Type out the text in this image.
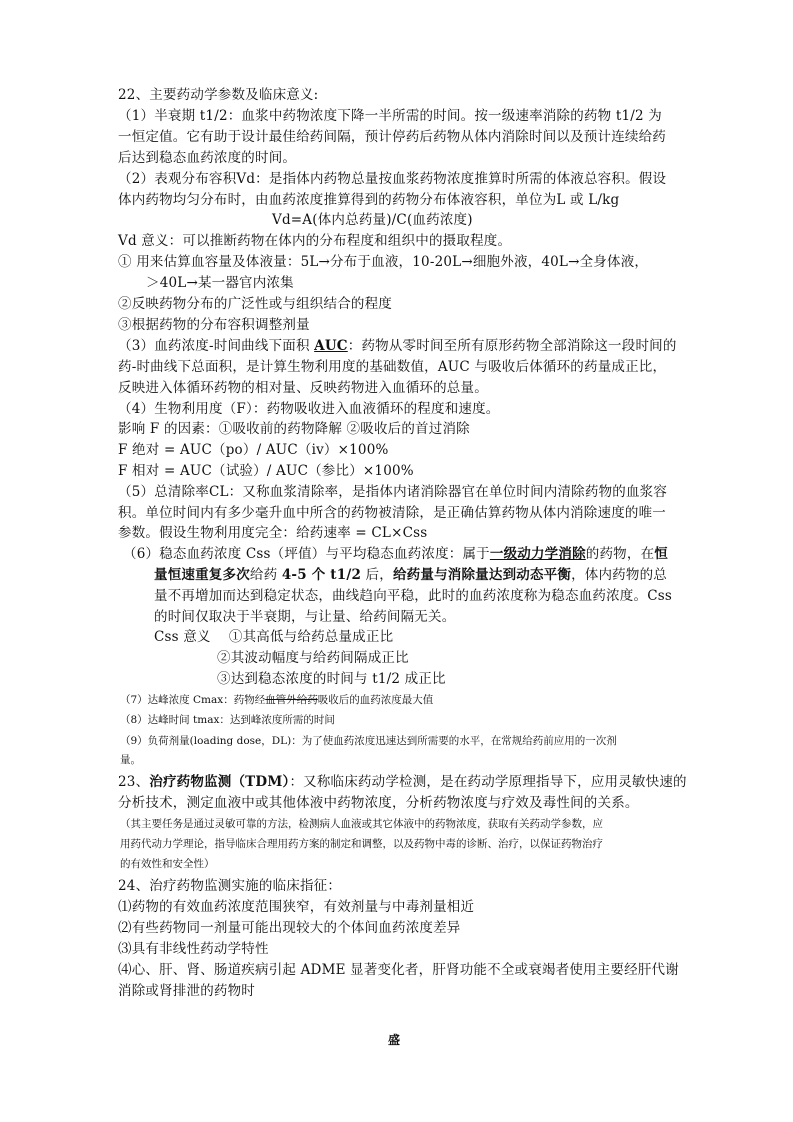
22、主要药动学参数及临床意义:
（1）半衰期 t1/2：血浆中药物浓度下降一半所需的时间。按一级速率消除的药物 t1/2 为
一恒定值。它有助于设计最佳给药间隔，预计停药后药物从体内消除时间以及预计连续给药
后达到稳态血药浓度的时间。
（2）表观分布容积Vd：是指体内药物总量按血浆药物浓度推算时所需的体液总容积。假设
体内药物均匀分布时，由血药浓度推算得到的药物分布体液容积，单位为L 或 L/kg
Vd=A(体内总药量)/C(血药浓度)
Vd 意义：可以推断药物在体内的分布程度和组织中的摄取程度。
① 用来估算血容量及体液量：5L→分布于血液，10-20L→细胞外液，40L→全身体液，
＞40L→某一器官内浓集
②反映药物分布的广泛性或与组织结合的程度
③根据药物的分布容积调整剂量
（3）血药浓度-时间曲线下面积 AUC：药物从零时间至所有原形药物全部消除这一段时间的
药-时曲线下总面积，是计算生物利用度的基础数值，AUC 与吸收后体循环的药量成正比，
反映进入体循环药物的相对量、反映药物进入血循环的总量。
（4）生物利用度（F）：药物吸收进入血液循环的程度和速度。
影响 F 的因素：①吸收前的药物降解 ②吸收后的首过消除
F 绝对 = AUC（po）/ AUC（iv）×100%
F 相对 = AUC（试验）/ AUC（参比）×100%
（5）总清除率CL：又称血浆清除率，是指体内诸消除器官在单位时间内清除药物的血浆容
积。单位时间内有多少毫升血中所含的药物被清除，是正确估算药物从体内消除速度的唯一
参数。假设生物利用度完全：给药速率 = CL×Css
（6）稳态血药浓度 Css（坪值）与平均稳态血药浓度：属于一级动力学消除的药物，在恒
量恒速重复多次给药 4-5 个 t1/2 后，给药量与消除量达到动态平衡，体内药物的总
量不再增加而达到稳定状态，曲线趋向平稳，此时的血药浓度称为稳态血药浓度。Css
的时间仅取决于半衰期，与让量、给药间隔无关。
Css 意义　 ①其高低与给药总量成正比
②其波动幅度与给药间隔成正比
③达到稳态浓度的时间与 t1/2 成正比
（7）达峰浓度 Cmax：药物经血管外给药吸收后的血药浓度最大值
（8）达峰时间 tmax：达到峰浓度所需的时间
（9）负荷剂量(loading dose，DL)：为了使血药浓度迅速达到所需要的水平，在常规给药前应用的一次剂
量。
23、治疗药物监测（TDM）：又称临床药动学检测，是在药动学原理指导下，应用灵敏快速的
分析技术，测定血液中或其他体液中药物浓度，分析药物浓度与疗效及毒性间的关系。
（其主要任务是通过灵敏可靠的方法，检测病人血液或其它体液中的药物浓度，获取有关药动学参数，应
用药代动力学理论，指导临床合理用药方案的制定和调整，以及药物中毒的诊断、治疗，以保证药物治疗
的有效性和安全性）
24、治疗药物监测实施的临床指征：
⑴药物的有效血药浓度范围狭窄，有效剂量与中毒剂量相近
⑵有些药物同一剂量可能出现较大的个体间血药浓度差异
⑶具有非线性药动学特性
⑷心、肝、肾、肠道疾病引起 ADME 显著变化者，肝肾功能不全或衰竭者使用主要经肝代谢
消除或肾排泄的药物时
盛
